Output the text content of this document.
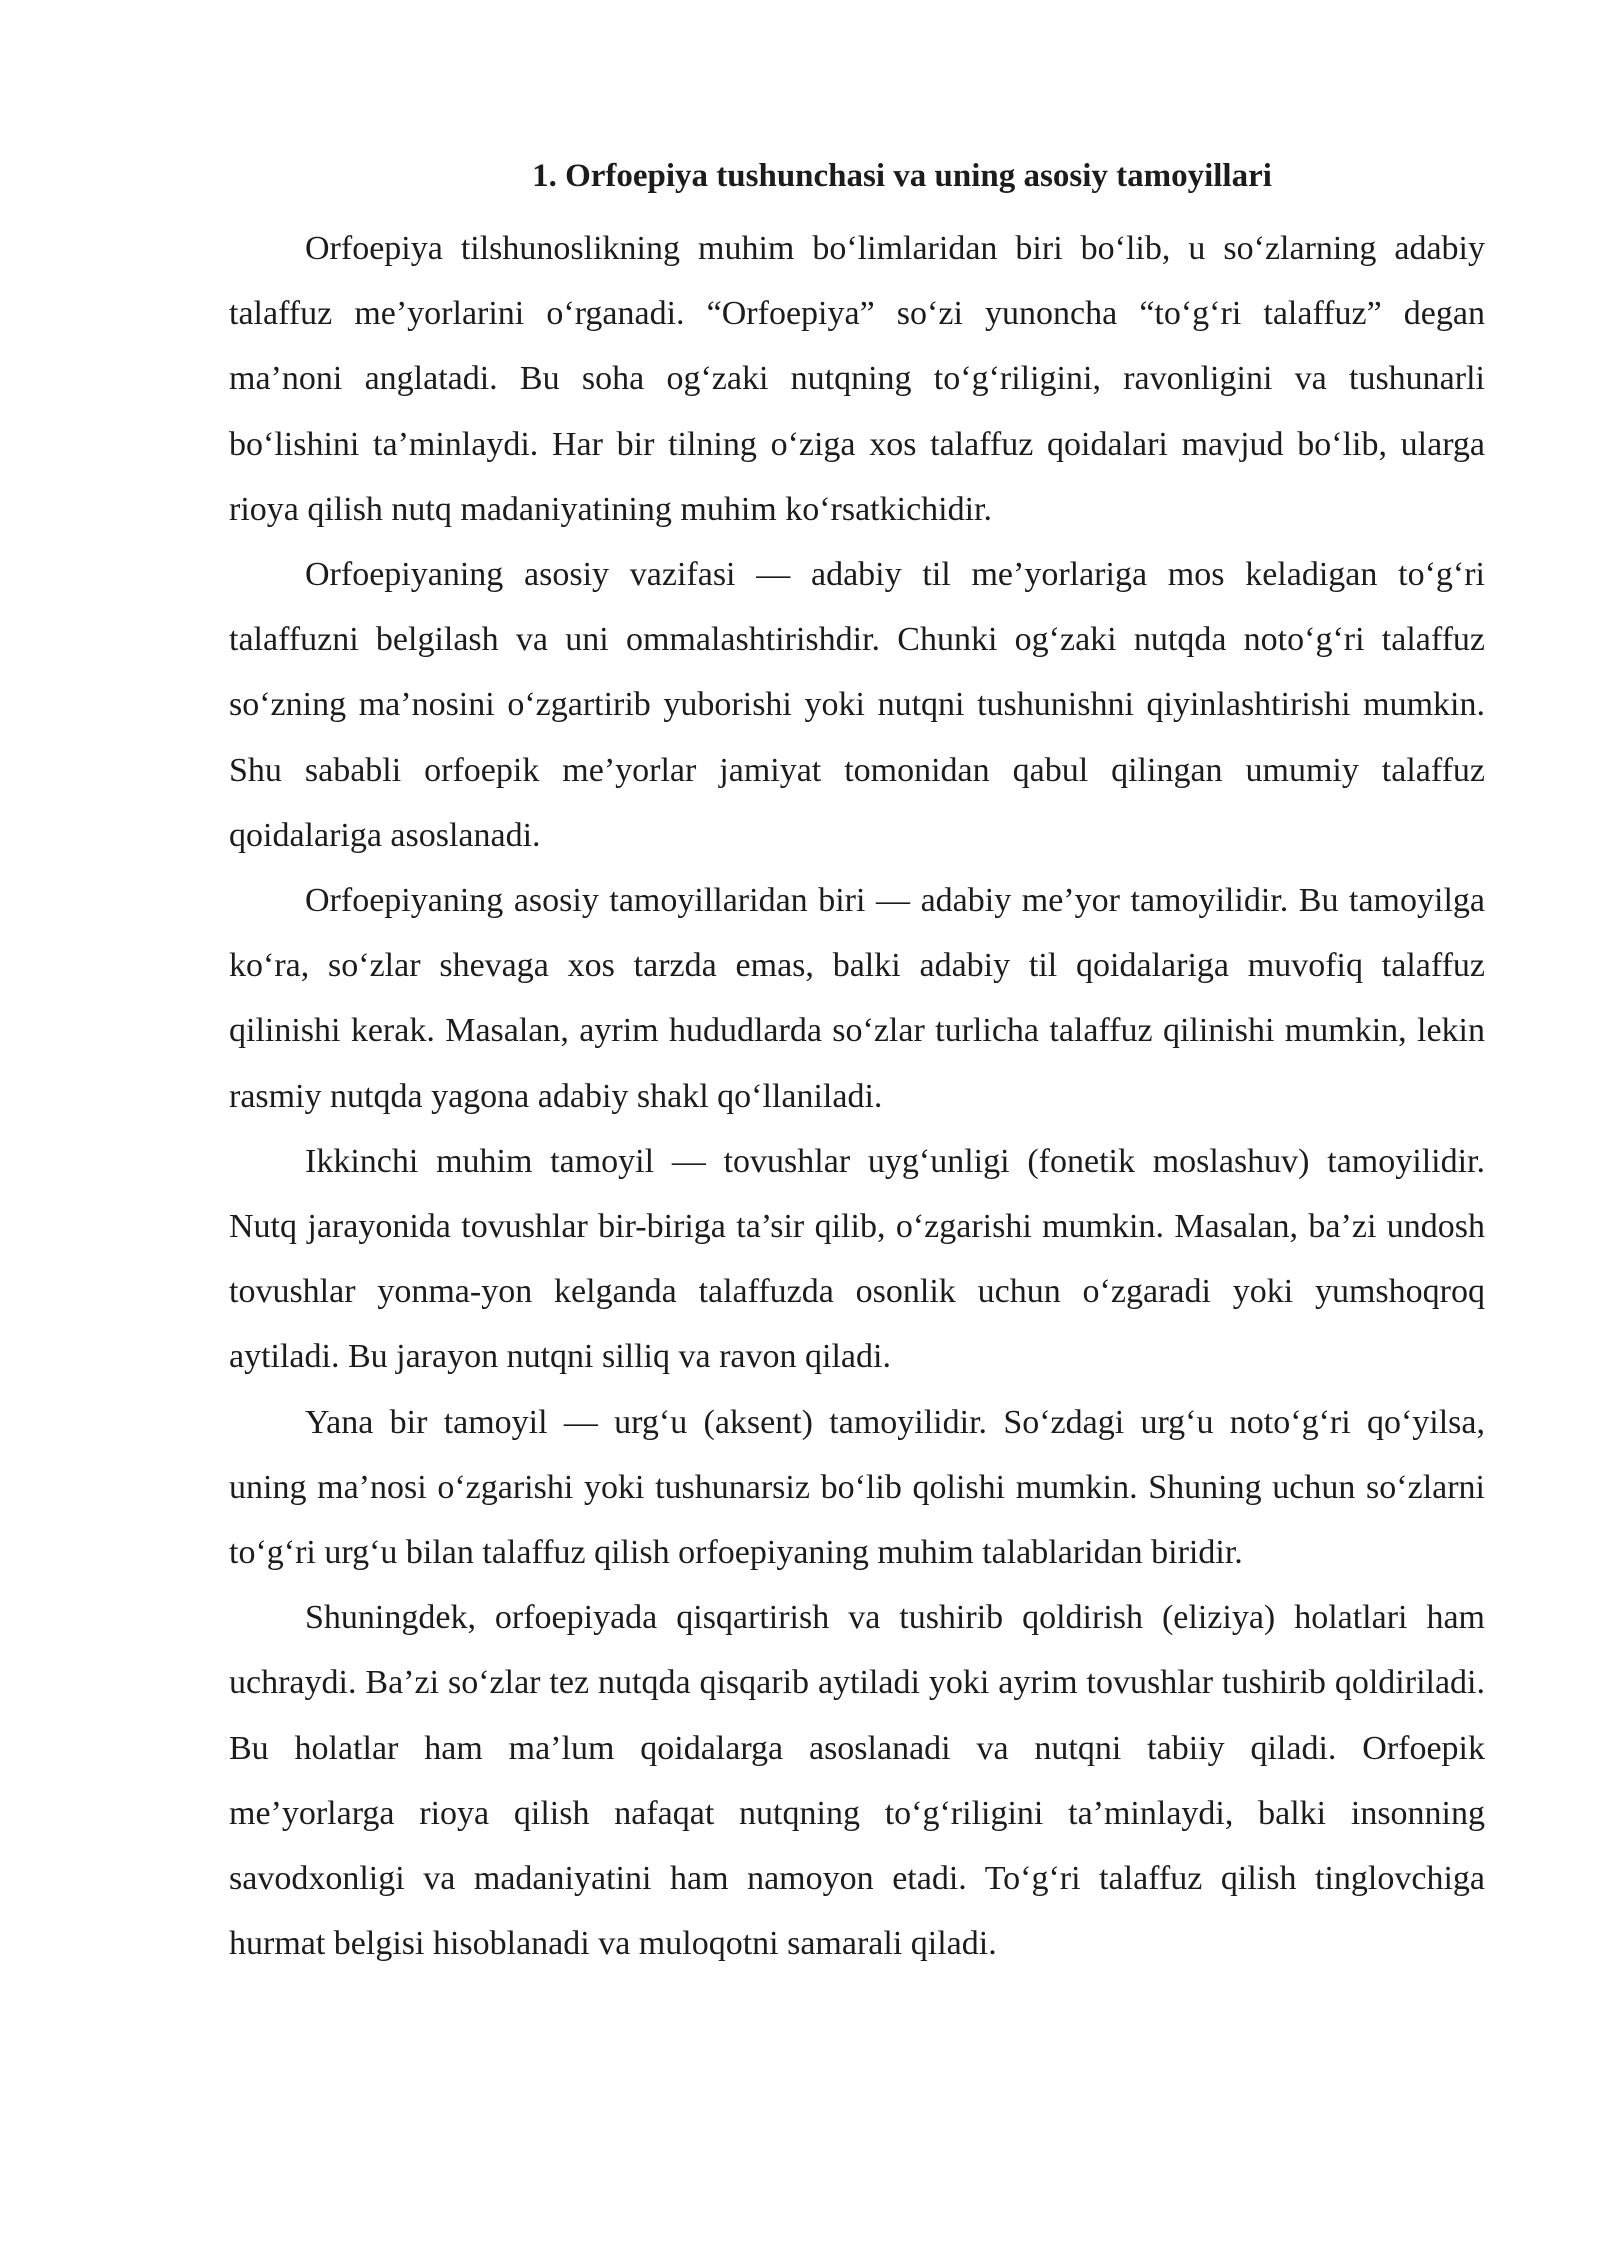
1. Orfoepiya tushunchasi va uning asosiy tamoyillari

Orfoepiya tilshunoslikning muhim bo‘limlaridan biri bo‘lib, u so‘zlarning adabiy talaffuz me’yorlarini o‘rganadi. “Orfoepiya” so‘zi yunoncha “to‘g‘ri talaffuz” degan ma’noni anglatadi. Bu soha og‘zaki nutqning to‘g‘riligini, ravonligini va tushunarli bo‘lishini ta’minlaydi. Har bir tilning o‘ziga xos talaffuz qoidalari mavjud bo‘lib, ularga rioya qilish nutq madaniyatining muhim ko‘rsatkichidir.

Orfoepiyaning asosiy vazifasi — adabiy til me’yorlariga mos keladigan to‘g‘ri talaffuzni belgilash va uni ommalashtirishdir. Chunki og‘zaki nutqda noto‘g‘ri talaffuz so‘zning ma’nosini o‘zgartirib yuborishi yoki nutqni tushunishni qiyinlashtirishi mumkin. Shu sababli orfoepik me’yorlar jamiyat tomonidan qabul qilingan umumiy talaffuz qoidalariga asoslanadi.

Orfoepiyaning asosiy tamoyillaridan biri — adabiy me’yor tamoyilidir. Bu tamoyilga ko‘ra, so‘zlar shevaga xos tarzda emas, balki adabiy til qoidalariga muvofiq talaffuz qilinishi kerak. Masalan, ayrim hududlarda so‘zlar turlicha talaffuz qilinishi mumkin, lekin rasmiy nutqda yagona adabiy shakl qo‘llaniladi.

Ikkinchi muhim tamoyil — tovushlar uyg‘unligi (fonetik moslashuv) tamoyilidir. Nutq jarayonida tovushlar bir-biriga ta’sir qilib, o‘zgarishi mumkin. Masalan, ba’zi undosh tovushlar yonma-yon kelganda talaffuzda osonlik uchun o‘zgaradi yoki yumshoqroq aytiladi. Bu jarayon nutqni silliq va ravon qiladi.

Yana bir tamoyil — urg‘u (aksent) tamoyilidir. So‘zdagi urg‘u noto‘g‘ri qo‘yilsa, uning ma’nosi o‘zgarishi yoki tushunarsiz bo‘lib qolishi mumkin. Shuning uchun so‘zlarni to‘g‘ri urg‘u bilan talaffuz qilish orfoepiyaning muhim talablaridan biridir.

Shuningdek, orfoepiyada qisqartirish va tushirib qoldirish (eliziya) holatlari ham uchraydi. Ba’zi so‘zlar tez nutqda qisqarib aytiladi yoki ayrim tovushlar tushirib qoldiriladi. Bu holatlar ham ma’lum qoidalarga asoslanadi va nutqni tabiiy qiladi. Orfoepik me’yorlarga rioya qilish nafaqat nutqning to‘g‘riligini ta’minlaydi, balki insonning savodxonligi va madaniyatini ham namoyon etadi. To‘g‘ri talaffuz qilish tinglovchiga hurmat belgisi hisoblanadi va muloqotni samarali qiladi.
